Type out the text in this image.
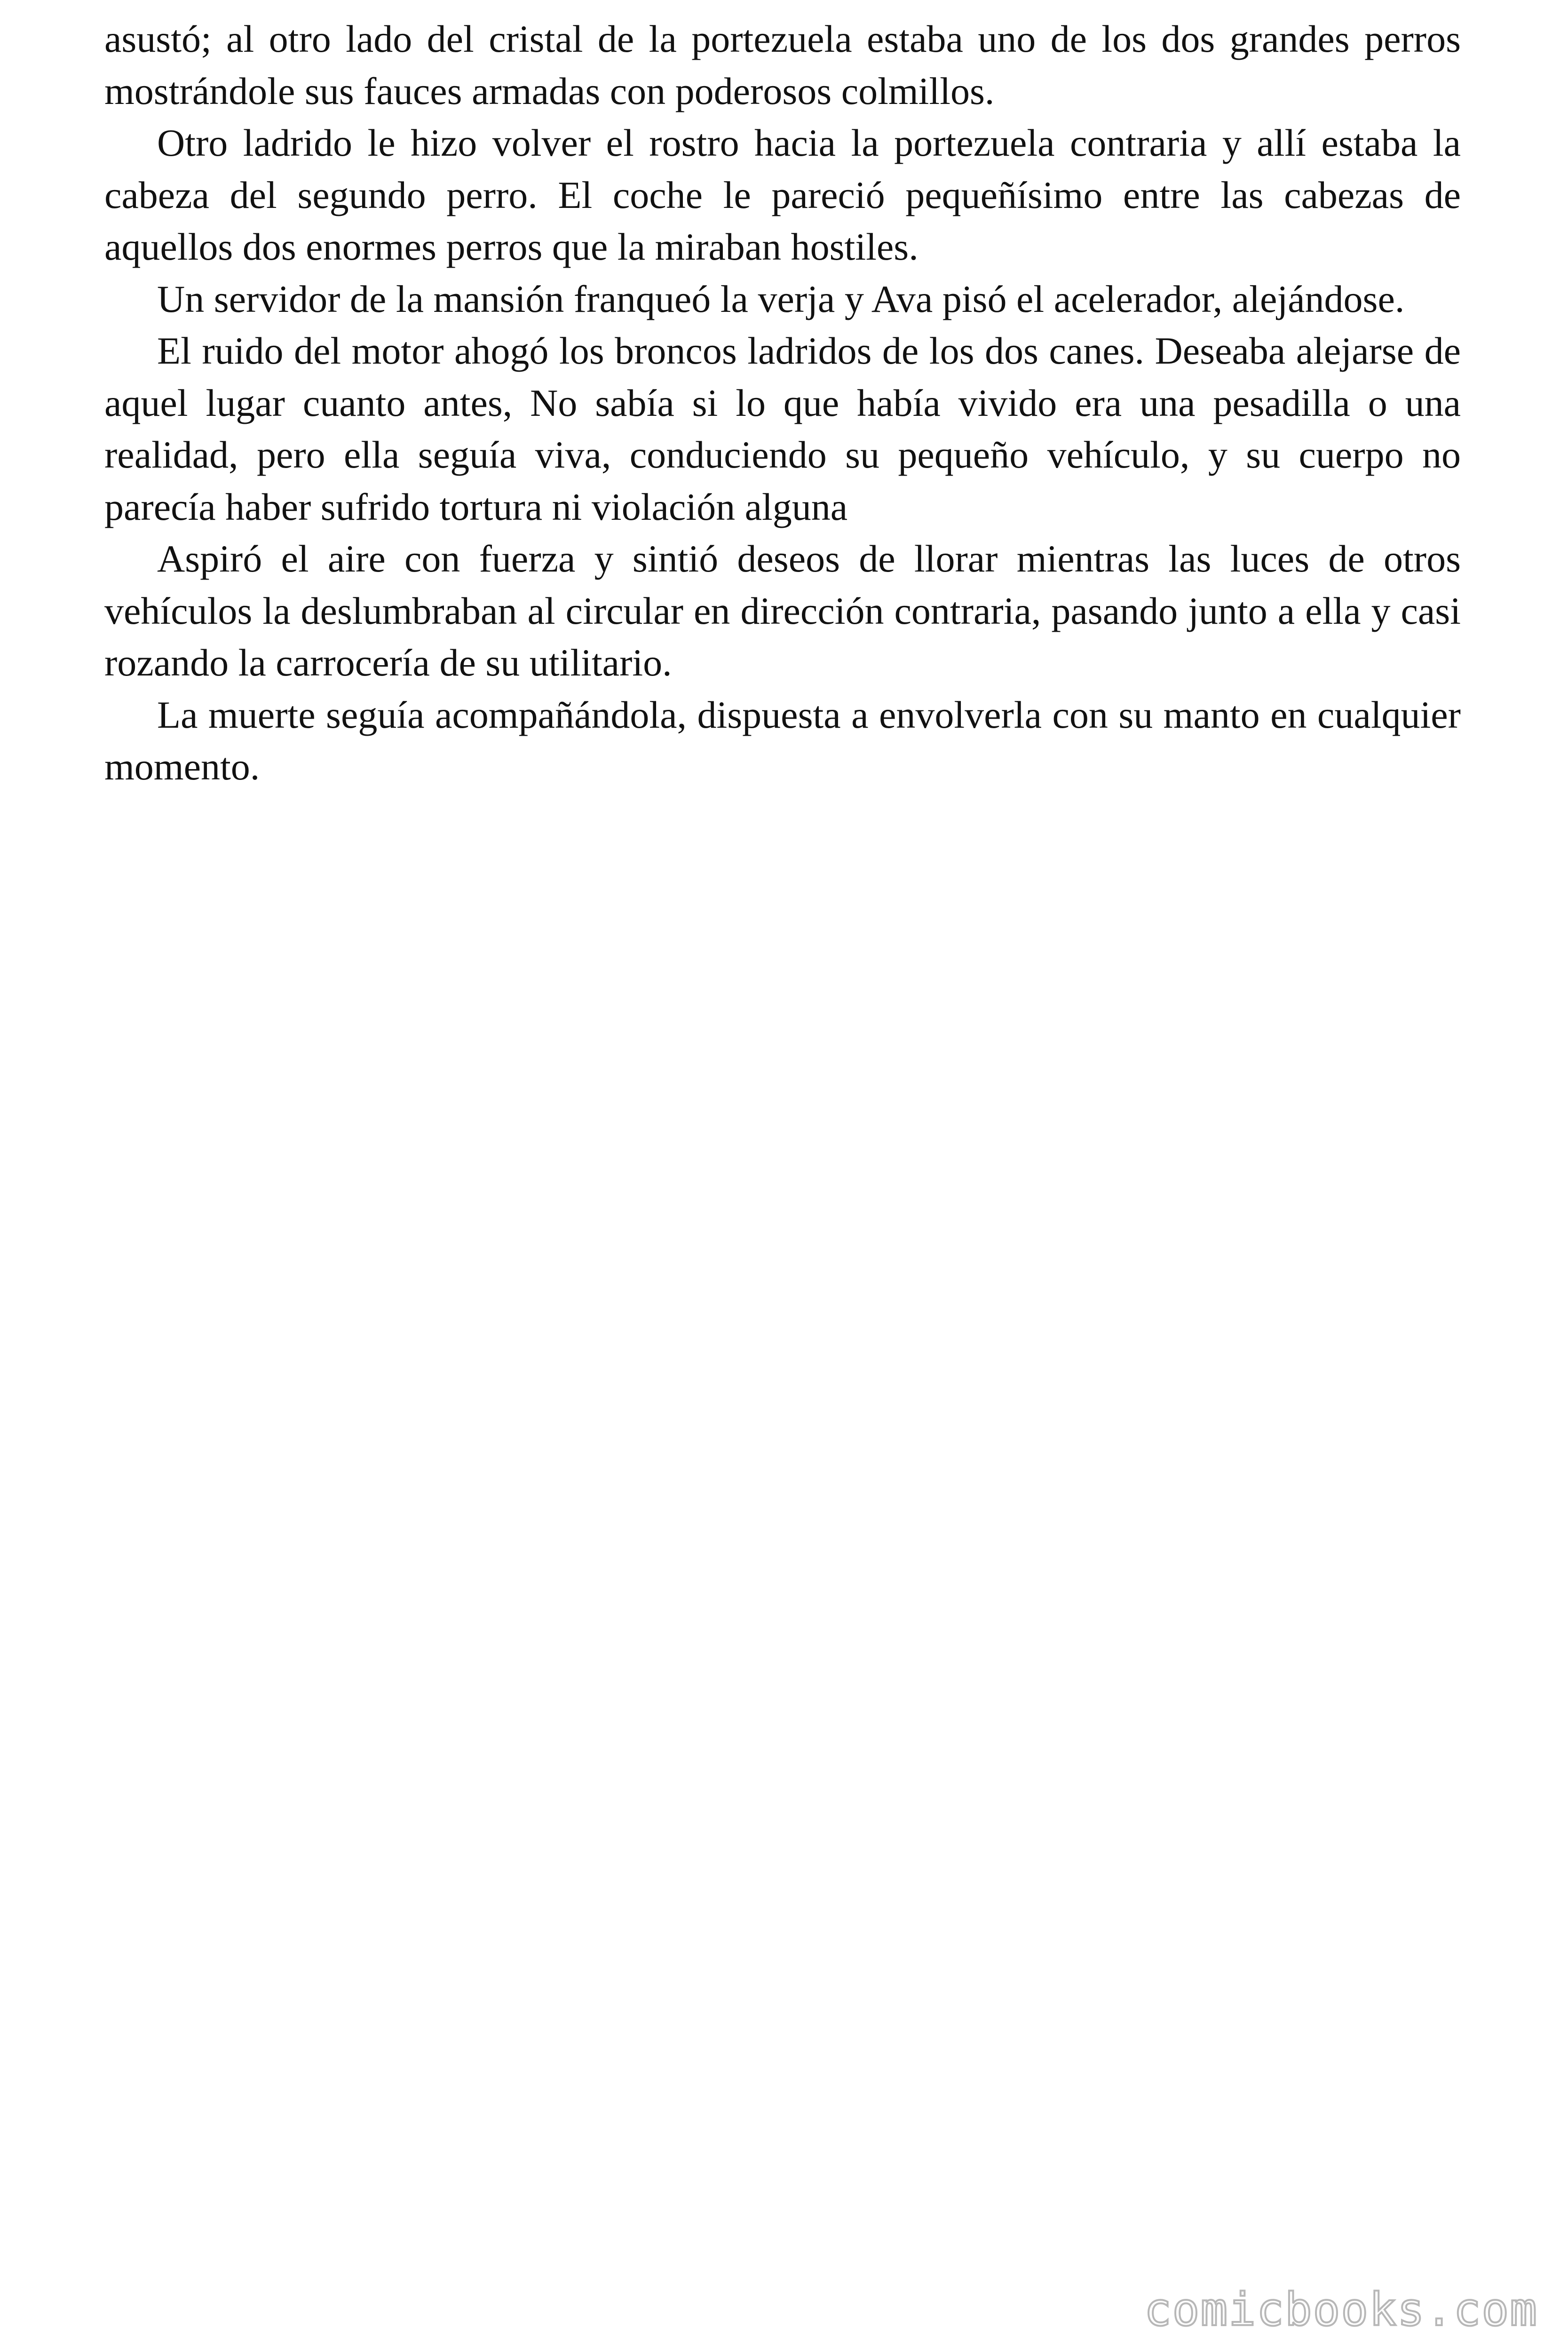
asustó; al otro lado del cristal de la portezuela estaba uno de los dos grandes perros mostrándole sus fauces armadas con poderosos colmillos.

Otro ladrido le hizo volver el rostro hacia la portezuela contraria y allí estaba la cabeza del segundo perro. El coche le pareció pequeñísimo entre las cabezas de aquellos dos enormes perros que la miraban hostiles.

Un servidor de la mansión franqueó la verja y Ava pisó el acelerador, alejándose.

El ruido del motor ahogó los broncos ladridos de los dos canes. Deseaba alejarse de aquel lugar cuanto antes, No sabía si lo que había vivido era una pesadilla o una realidad, pero ella seguía viva, conduciendo su pequeño vehículo, y su cuerpo no parecía haber sufrido tortura ni violación alguna

Aspiró el aire con fuerza y sintió deseos de llorar mientras las luces de otros vehículos la deslumbraban al circular en dirección contraria, pasando junto a ella y casi rozando la carrocería de su utilitario.

La muerte seguía acompañándola, dispuesta a envolverla con su manto en cualquier momento.

comicbooks.com
